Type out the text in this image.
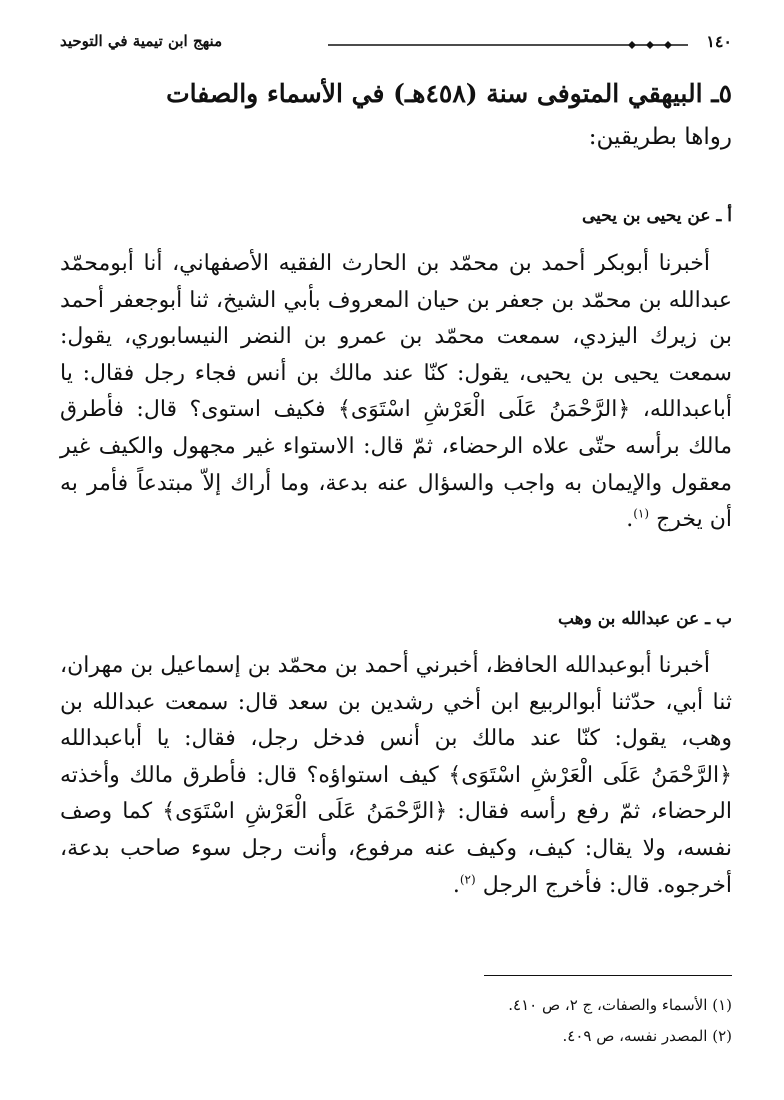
١٤٠
منهج ابن تيمية في التوحيد
٥ـ البيهقي المتوفى سنة (٤٥٨هـ) في الأسماء والصفات
رواها بطريقين:
أ ـ عن يحيى بن يحيى

أخبرنا أبوبكر أحمد بن محمّد بن الحارث الفقيه الأصفهاني، أنا أبومحمّد عبدالله بن محمّد بن جعفر بن حيان المعروف بأبي الشيخ، ثنا أبوجعفر أحمد بن زيرك اليزدي، سمعت محمّد بن عمرو بن النضر النيسابوري، يقول: سمعت يحيى بن يحيى، يقول: كنّا عند مالك بن أنس فجاء رجل فقال: يا أباعبدالله، ﴿الرَّحْمَنُ عَلَى الْعَرْشِ اسْتَوَى﴾ فكيف استوى؟ قال: فأطرق مالك برأسه حتّى علاه الرحضاء، ثمّ قال: الاستواء غير مجهول والكيف غير معقول والإيمان به واجب والسؤال عنه بدعة، وما أراك إلاّ مبتدعاً فأمر به أن يخرج $^{(١)}$.

ب ـ عن عبدالله بن وهب

أخبرنا أبوعبدالله الحافظ، أخبرني أحمد بن محمّد بن إسماعيل بن مهران، ثنا أبي، حدّثنا أبوالربيع ابن أخي رشدين بن سعد قال: سمعت عبدالله بن وهب، يقول: كنّا عند مالك بن أنس فدخل رجل، فقال: يا أباعبدالله ﴿الرَّحْمَنُ عَلَى الْعَرْشِ اسْتَوَى﴾ كيف استواؤه؟ قال: فأطرق مالك وأخذته الرحضاء، ثمّ رفع رأسه فقال: ﴿الرَّحْمَنُ عَلَى الْعَرْشِ اسْتَوَى﴾ كما وصف نفسه، ولا يقال: كيف، وكيف عنه مرفوع، وأنت رجل سوء صاحب بدعة، أخرجوه. قال: فأخرج الرجل $^{(٢)}$.

(١) الأسماء والصفات، ج ٢، ص ٤١٠.
(٢) المصدر نفسه، ص ٤٠٩.
